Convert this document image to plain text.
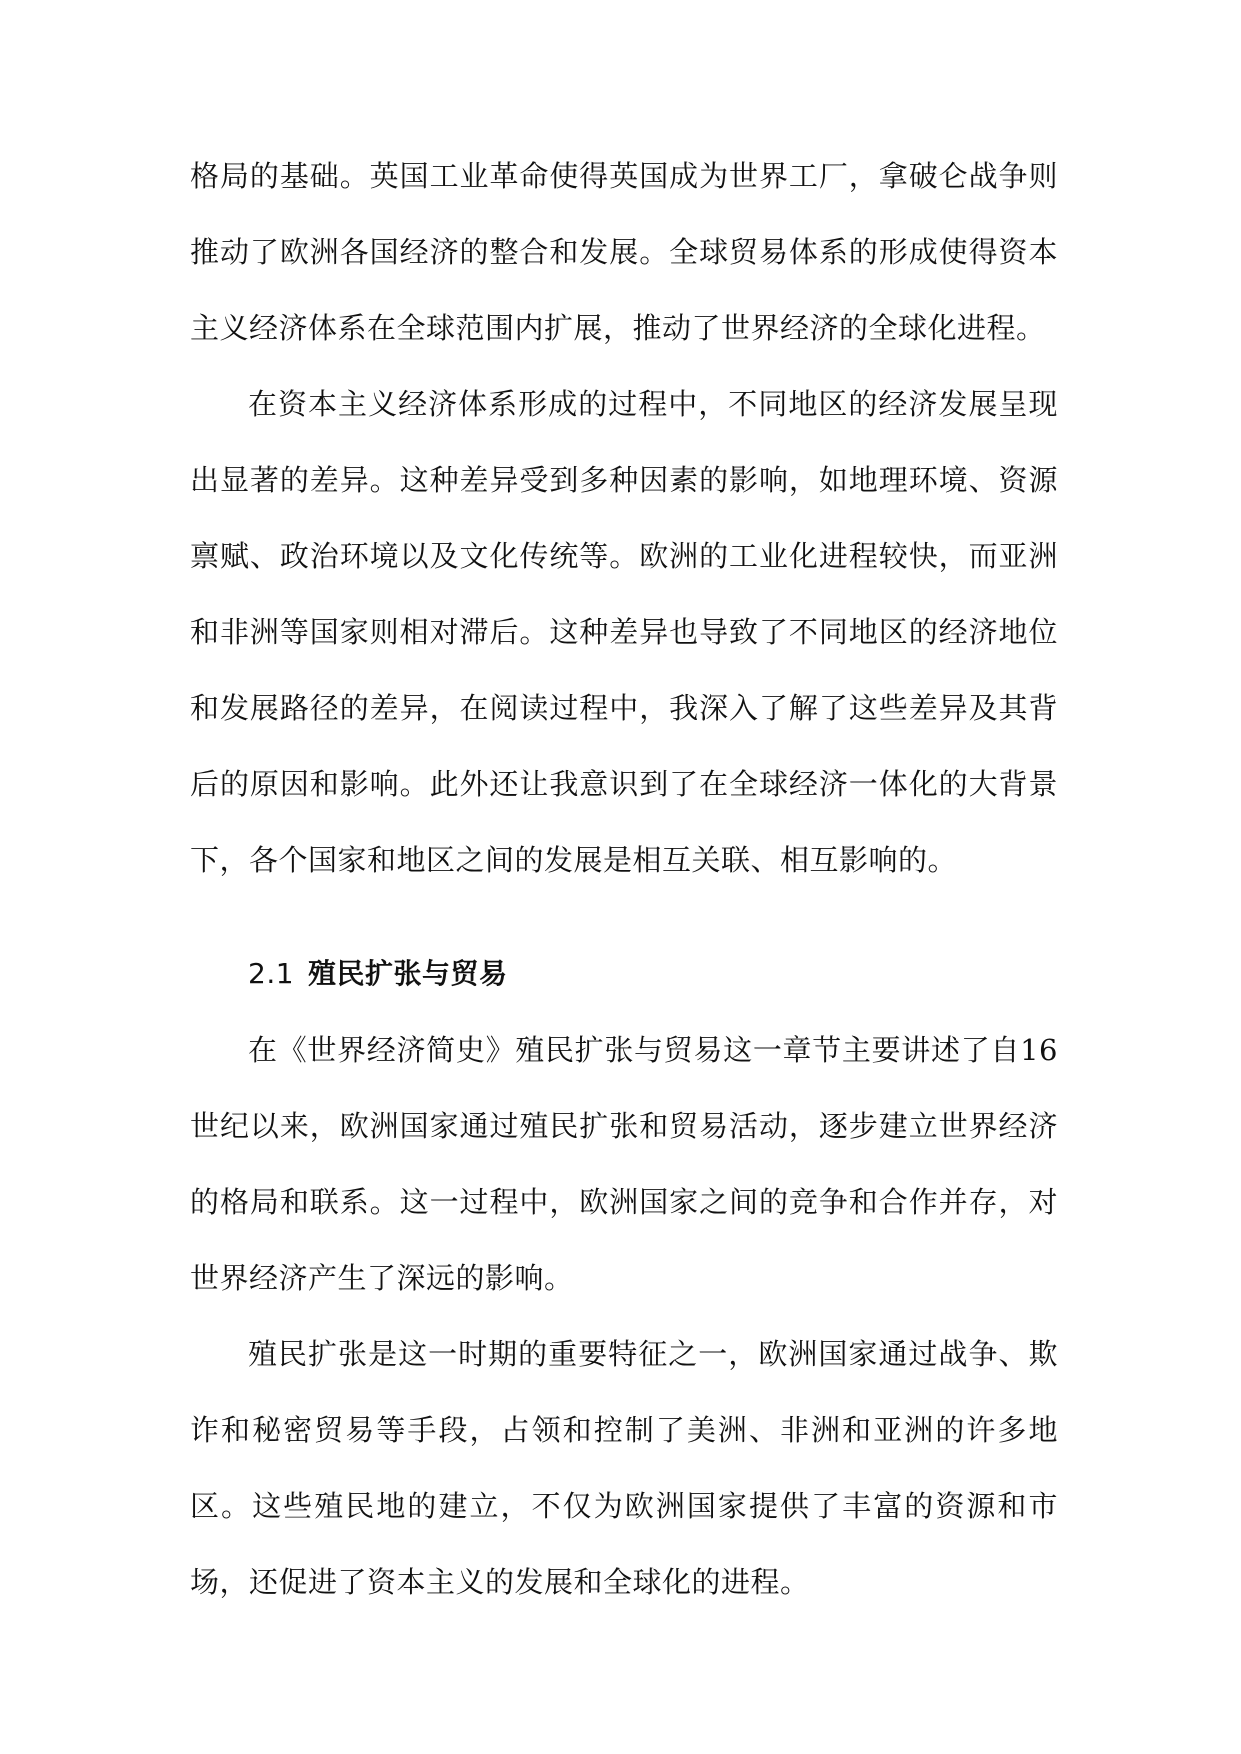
格局的基础。英国工业革命使得英国成为世界工厂，拿破仑战争则推动了欧洲各国经济的整合和发展。全球贸易体系的形成使得资本主义经济体系在全球范围内扩展，推动了世界经济的全球化进程。

在资本主义经济体系形成的过程中，不同地区的经济发展呈现出显著的差异。这种差异受到多种因素的影响，如地理环境、资源禀赋、政治环境以及文化传统等。欧洲的工业化进程较快，而亚洲和非洲等国家则相对滞后。这种差异也导致了不同地区的经济地位和发展路径的差异，在阅读过程中，我深入了解了这些差异及其背后的原因和影响。此外还让我意识到了在全球经济一体化的大背景下，各个国家和地区之间的发展是相互关联、相互影响的。

2.1 殖民扩张与贸易

在《世界经济简史》殖民扩张与贸易这一章节主要讲述了自16世纪以来，欧洲国家通过殖民扩张和贸易活动，逐步建立世界经济的格局和联系。这一过程中，欧洲国家之间的竞争和合作并存，对世界经济产生了深远的影响。

殖民扩张是这一时期的重要特征之一，欧洲国家通过战争、欺诈和秘密贸易等手段，占领和控制了美洲、非洲和亚洲的许多地区。这些殖民地的建立，不仅为欧洲国家提供了丰富的资源和市场，还促进了资本主义的发展和全球化的进程。
